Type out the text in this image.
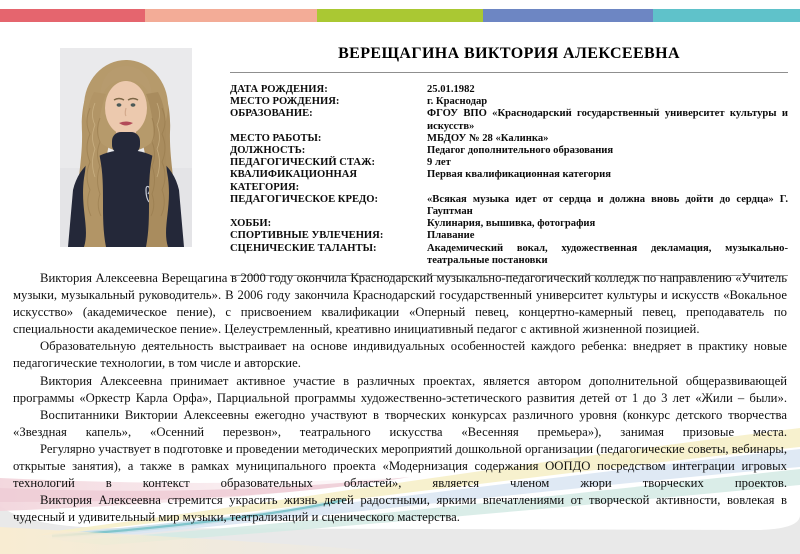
ВЕРЕЩАГИНА ВИКТОРИЯ АЛЕКСЕЕВНА
ДАТА РОЖДЕНИЯ:	25.01.1982
МЕСТО РОЖДЕНИЯ:	г. Краснодар
ОБРАЗОВАНИЕ:	ФГОУ ВПО «Краснодарский государственный университет культуры и искусств»
МЕСТО РАБОТЫ:	МБДОУ № 28 «Калинка»
ДОЛЖНОСТЬ:	Педагог дополнительного образования
ПЕДАГОГИЧЕСКИЙ СТАЖ:	9 лет
КВАЛИФИКАЦИОННАЯ КАТЕГОРИЯ:
Первая квалификационная категория
ПЕДАГОГИЧЕСКОЕ КРЕДО:	«Всякая музыка идет от сердца и должна вновь дойти до сердца» Г. Гауптман
ХОББИ:	Кулинария, вышивка, фотография
СПОРТИВНЫЕ УВЛЕЧЕНИЯ:	Плавание
СЦЕНИЧЕСКИЕ ТАЛАНТЫ:	Академический вокал, художественная декламация, музыкально-театральные постановки

Виктория Алексеевна Верещагина в 2000 году окончила Краснодарский музыкально-педагогический колледж по направлению «Учитель музыки, музыкальный руководитель». В 2006 году закончила Краснодарский государственный университет культуры и искусств «Вокальное искусство» (академическое пение), с присвоением квалификации «Оперный певец, концертно-камерный певец, преподаватель по специальности академическое пение». Целеустремленный, креативно инициативный педагог с активной жизненной позицией.

Образовательную деятельность выстраивает на основе индивидуальных особенностей каждого ребенка: внедряет в практику новые педагогические технологии, в том числе и авторские.

Виктория Алексеевна принимает активное участие в различных проектах, является автором дополнительной общеразвивающей программы «Оркестр Карла Орфа», Парциальной программы художественно-эстетического развития детей от 1 до 3 лет «Жили – были».

Воспитанники Виктории Алексеевны ежегодно участвуют в творческих конкурсах различного уровня (конкурс детского творчества «Звездная капель», «Осенний перезвон», театрального искусства «Весенняя премьера»), занимая призовые места.

Регулярно участвует в подготовке и проведении методических мероприятий дошкольной организации (педагогические советы, вебинары, открытые занятия), а также в рамках муниципального проекта «Модернизация содержания ООПДО посредством интеграции игровых технологий в контекст образовательных областей», является членом жюри творческих проектов.

Виктория Алексеевна стремится украсить жизнь детей радостными, яркими впечатлениями от творческой активности, вовлекая в чудесный и удивительный мир музыки, театрализаций и сценического мастерства.
